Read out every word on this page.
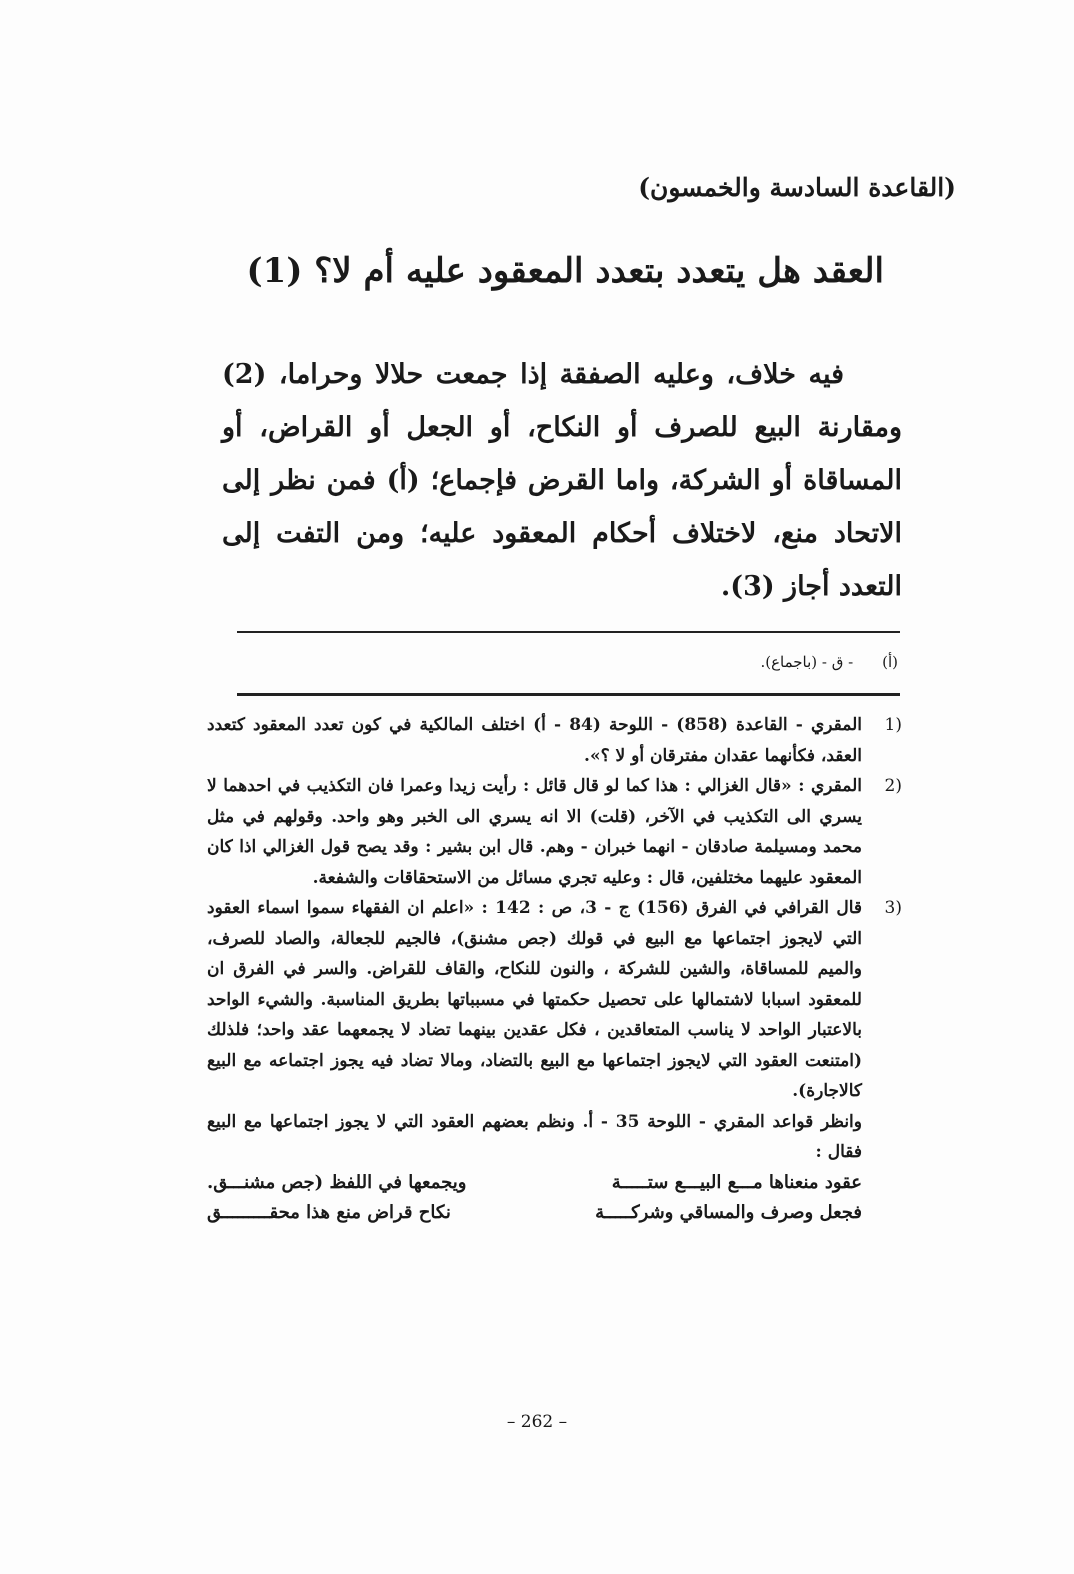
(القاعدة السادسة والخمسون)
العقد هل يتعدد بتعدد المعقود عليه أم لا؟ (1)

فيه خلاف، وعليه الصفقة إذا جمعت حلالا وحراما، (2) ومقارنة البيع للصرف أو النكاح، أو الجعل أو القراض، أو المساقاة أو الشركة، واما القرض فإجماع؛ (أ) فمن نظر إلى الاتحاد منع، لاختلاف أحكام المعقود عليه؛ ومن التفت إلى التعدد أجاز (3).

(أ) - ق - (باجماع).
(1

المقري - القاعدة (858) - اللوحة (84 - أ) اختلف المالكية في كون تعدد المعقود كتعدد العقد، فكأنهما عقدان مفترقان أو لا ؟».

(2

المقري : «قال الغزالي : هذا كما لو قال قائل : رأيت زيدا وعمرا فان التكذيب في احدهما لا يسري الى التكذيب في الآخر، (قلت) الا انه يسري الى الخبر وهو واحد. وقولهم في مثل محمد ومسيلمة صادقان - انهما خبران - وهم. قال ابن بشير : وقد يصح قول الغزالي اذا كان المعقود عليهما مختلفين، قال : وعليه تجري مسائل من الاستحقاقات والشفعة.

(3

قال القرافي في الفرق (156) ج - 3، ص : 142 : «اعلم ان الفقهاء سموا اسماء العقود التي لايجوز اجتماعها مع البيع في قولك (جص مشنق)، فالجيم للجعالة، والصاد للصرف، والميم للمساقاة، والشين للشركة ، والنون للنكاح، والقاف للقراض. والسر في الفرق ان للمعقود اسبابا لاشتمالها على تحصيل حكمتها في مسبباتها بطريق المناسبة. والشيء الواحد بالاعتبار الواحد لا يناسب المتعاقدين ، فكل عقدين بينهما تضاد لا يجمعهما عقد واحد؛ فلذلك (امتنعت العقود التي لايجوز اجتماعها مع البيع بالتضاد، ومالا تضاد فيه يجوز اجتماعه مع البيع كالاجارة).

وانظر قواعد المقري - اللوحة 35 - أ. ونظم بعضهم العقود التي لا يجوز اجتماعها مع البيع فقال :

عقود منعناها مـــع البيـــع ستـــــة
ويجمعها في اللفظ (جص مشنـــق.

فجعل وصرف والمساقي وشركـــــة
نكاح قراض منع هذا محقـــــــــق

– 262 –
